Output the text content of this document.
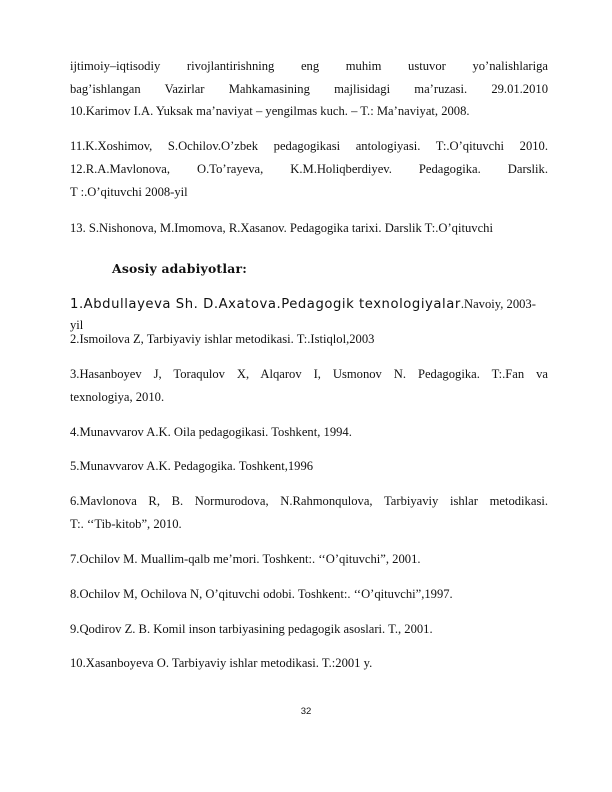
ijtimoiy–iqtisodiy rivojlantirishning eng muhim ustuvor yo’nalishlariga
bag’ishlangan Vazirlar Mahkamasining majlisidagi ma’ruzasi. 29.01.2010
10.Karimov I.A. Yuksak ma’naviyat – yengilmas kuch. – T.: Ma’naviyat, 2008.
11.K.Xoshimov, S.Ochilov.O’zbek pedagogikasi antologiyasi. T:.O’qituvchi 2010.
12.R.A.Mavlonova, O.To’rayeva, K.M.Holiqberdiyev. Pedagogika. Darslik.
T :.O’qituvchi 2008-yil
13. S.Nishonova, M.Imomova, R.Xasanov. Pedagogika tarixi. Darslik T:.O’qituvchi
Asosiy adabiyotlar:
1.Abdullayeva Sh. D.Axatova.Pedagogik texnologiyalar.Navoiy, 2003-yil
2.Ismoilova Z, Tarbiyaviy ishlar metodikasi. T:.Istiqlol,2003
3.Hasanboyev J, Toraqulov X, Alqarov I, Usmonov N. Pedagogika. T:.Fan va
texnologiya, 2010.
4.Munavvarov A.K. Oila pedagogikasi. Toshkent, 1994.
5.Munavvarov A.K. Pedagogika. Toshkent,1996
6.Mavlonova R, B. Normurodova, N.Rahmonqulova, Tarbiyaviy ishlar metodikasi.
T:. ‘‘Tib-kitob”, 2010.
7.Ochilov M. Muallim-qalb me’mori. Toshkent:. ‘‘O’qituvchi”, 2001.
8.Ochilov M, Ochilova N, O’qituvchi odobi. Toshkent:. ‘‘O’qituvchi”,1997.
9.Qodirov Z. B. Komil inson tarbiyasining pedagogik asoslari. T., 2001.
10.Xasanboyeva O. Tarbiyaviy ishlar metodikasi. T.:2001 y.
32
